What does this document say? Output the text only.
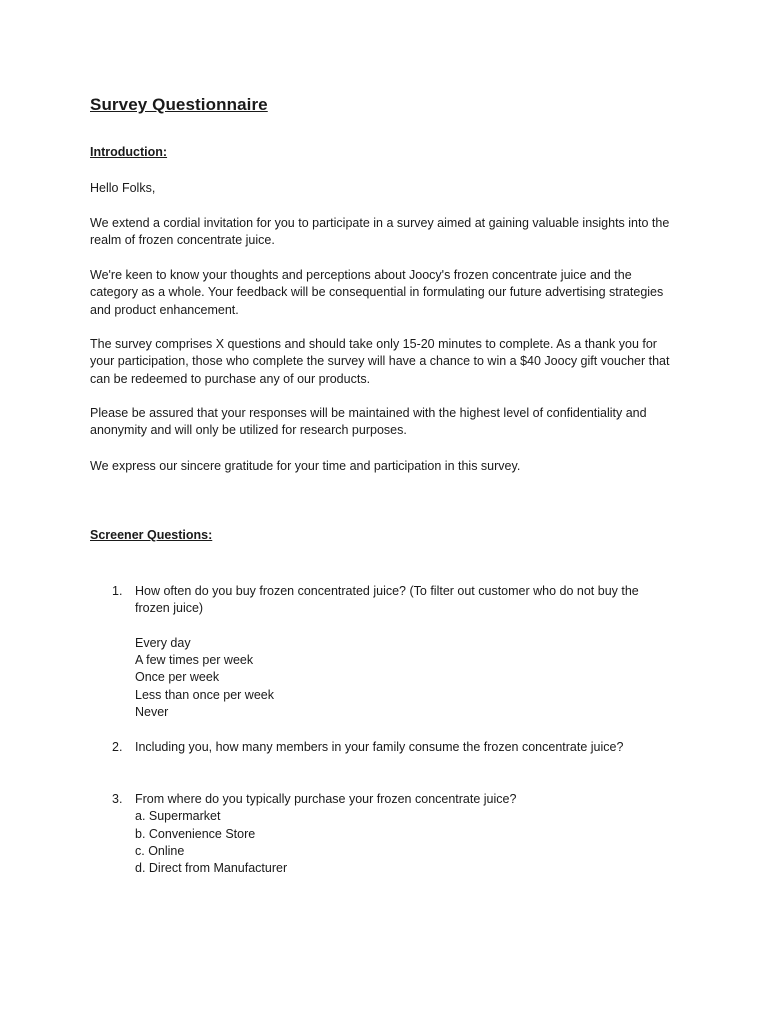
Survey Questionnaire
Introduction:

Hello Folks,

We extend a cordial invitation for you to participate in a survey aimed at gaining valuable insights into the realm of frozen concentrate juice.

We're keen to know your thoughts and perceptions about Joocy's frozen concentrate juice and the category as a whole. Your feedback will be consequential in formulating our future advertising strategies and product enhancement.

The survey comprises X questions and should take only 15-20 minutes to complete. As a thank you for your participation, those who complete the survey will have a chance to win a $40 Joocy gift voucher that can be redeemed to purchase any of our products.

Please be assured that your responses will be maintained with the highest level of confidentiality and anonymity and will only be utilized for research purposes.

We express our sincere gratitude for your time and participation in this survey.

Screener Questions:
1. How often do you buy frozen concentrated juice? (To filter out customer who do not buy the frozen juice)

Every day
A few times per week
Once per week
Less than once per week
Never
2. Including you, how many members in your family consume the frozen concentrate juice?

3. From where do you typically purchase your frozen concentrate juice?

a. Supermarket
b. Convenience Store
c. Online
d. Direct from Manufacturer
